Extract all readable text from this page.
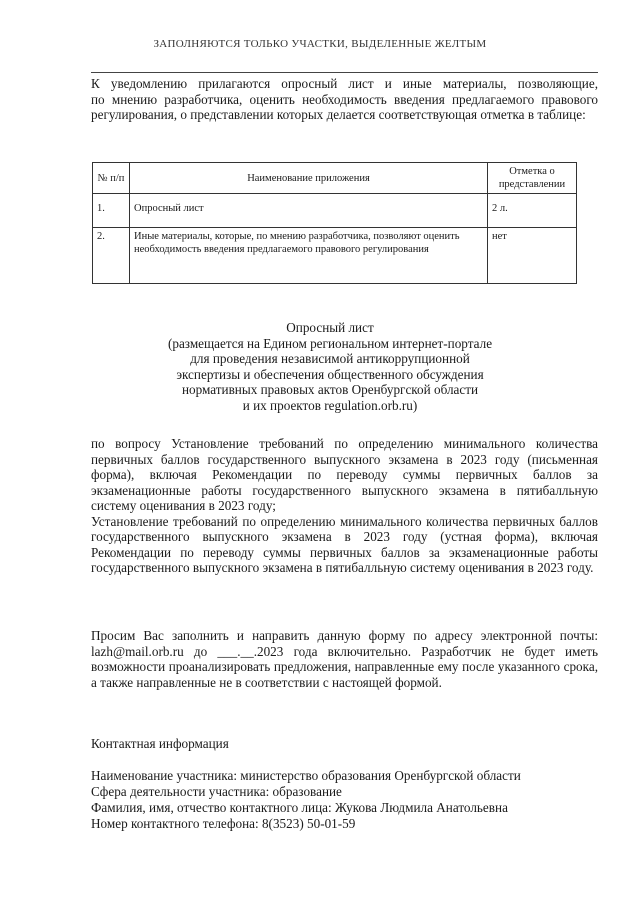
ЗАПОЛНЯЮТСЯ ТОЛЬКО УЧАСТКИ, ВЫДЕЛЕННЫЕ ЖЕЛТЫМ

К уведомлению прилагаются опросный лист и иные материалы, позволяющие,

по мнению разработчика, оценить необходимость введения предлагаемого правового регулирования, о представлении которых делается соответствующая отметка в таблице:

№ п/п	Наименование приложения	Отметка о представлении
1.	Опросный лист	2 л.
2.	Иные материалы, которые, по мнению разработчика, позволяют оценить необходимость введения предлагаемого правового регулирования	нет
Опросный лист
(размещается на Едином региональном интернет-портале
для проведения независимой антикоррупционной
экспертизы и обеспечения общественного обсуждения
нормативных правовых актов Оренбургской области
и их проектов regulation.orb.ru)

по вопросу Установление требований по определению минимального количества первичных баллов государственного выпускного экзамена в 2023 году (письменная форма), включая Рекомендации по переводу суммы первичных баллов за экзаменационные работы государственного выпускного экзамена в пятибалльную систему оценивания в 2023 году;

Установление требований по определению минимального количества первичных баллов государственного выпускного экзамена в 2023 году (устная форма), включая Рекомендации по переводу суммы первичных баллов за экзаменационные работы государственного выпускного экзамена в пятибалльную систему оценивания в 2023 году.

Просим Вас заполнить и направить данную форму по адресу электронной почты: lazh@mail.orb.ru до ___.__.2023 года включительно. Разработчик не будет иметь возможности проанализировать предложения, направленные ему после указанного срока, а также направленные не в соответствии с настоящей формой.

Контактная информация
Наименование участника: министерство образования Оренбургской области
Сфера деятельности участника: образование
Фамилия, имя, отчество контактного лица: Жукова Людмила Анатольевна
Номер контактного телефона: 8(3523) 50-01-59
